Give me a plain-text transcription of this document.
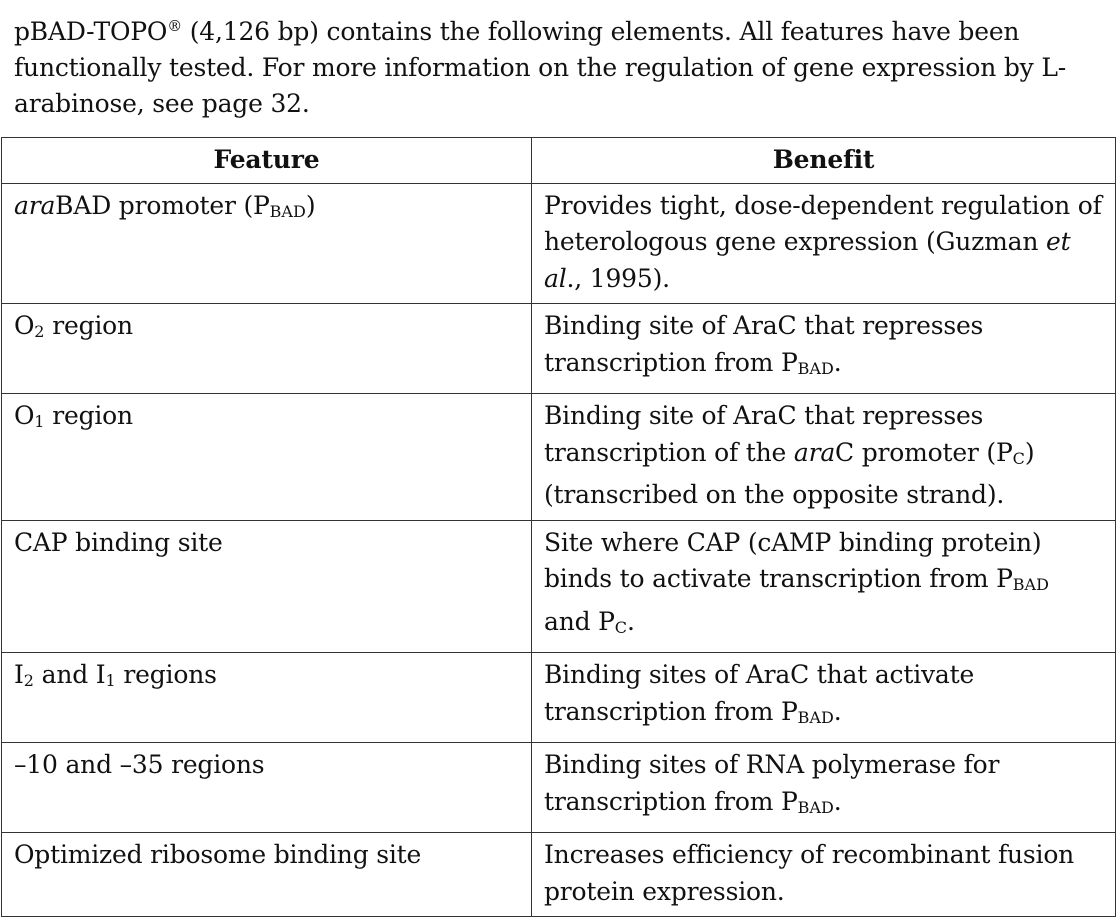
pBAD-TOPO® (4,126 bp) contains the following elements. All features have been functionally tested. For more information on the regulation of gene expression by L-arabinose, see page 32.

Feature	Benefit
araBAD promoter (PBAD)	Provides tight, dose-dependent regulation of heterologous gene expression (Guzman et al., 1995).
O2 region	Binding site of AraC that represses transcription from PBAD.
O1 region	Binding site of AraC that represses transcription of the araC promoter (PC) (transcribed on the opposite strand).
CAP binding site	Site where CAP (cAMP binding protein) binds to activate transcription from PBAD and PC.
I2 and I1 regions	Binding sites of AraC that activate transcription from PBAD.
–10 and –35 regions	Binding sites of RNA polymerase for transcription from PBAD.
Optimized ribosome binding site	Increases efficiency of recombinant fusion protein expression.
